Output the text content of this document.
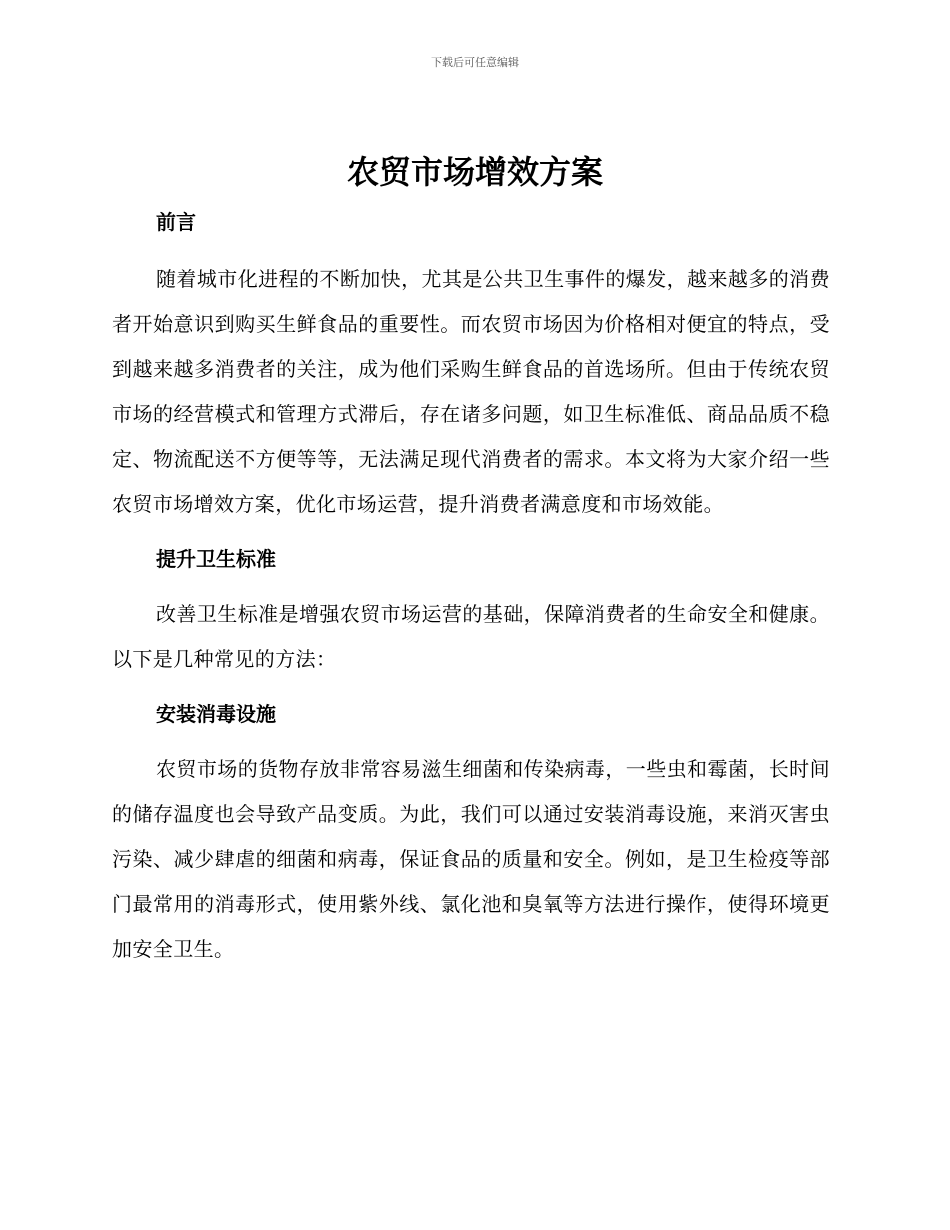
下载后可任意编辑
农贸市场增效方案

前言

随着城市化进程的不断加快，尤其是公共卫生事件的爆发，越来越多的消费者开始意识到购买生鲜食品的重要性。而农贸市场因为价格相对便宜的特点，受到越来越多消费者的关注，成为他们采购生鲜食品的首选场所。但由于传统农贸市场的经营模式和管理方式滞后，存在诸多问题，如卫生标准低、商品品质不稳定、物流配送不方便等等，无法满足现代消费者的需求。本文将为大家介绍一些农贸市场增效方案，优化市场运营，提升消费者满意度和市场效能。

提升卫生标准

改善卫生标准是增强农贸市场运营的基础，保障消费者的生命安全和健康。以下是几种常见的方法：

安装消毒设施

农贸市场的货物存放非常容易滋生细菌和传染病毒，一些虫和霉菌，长时间的储存温度也会导致产品变质。为此，我们可以通过安装消毒设施，来消灭害虫污染、减少肆虐的细菌和病毒，保证食品的质量和安全。例如，是卫生检疫等部门最常用的消毒形式，使用紫外线、氯化池和臭氧等方法进行操作，使得环境更加安全卫生。
